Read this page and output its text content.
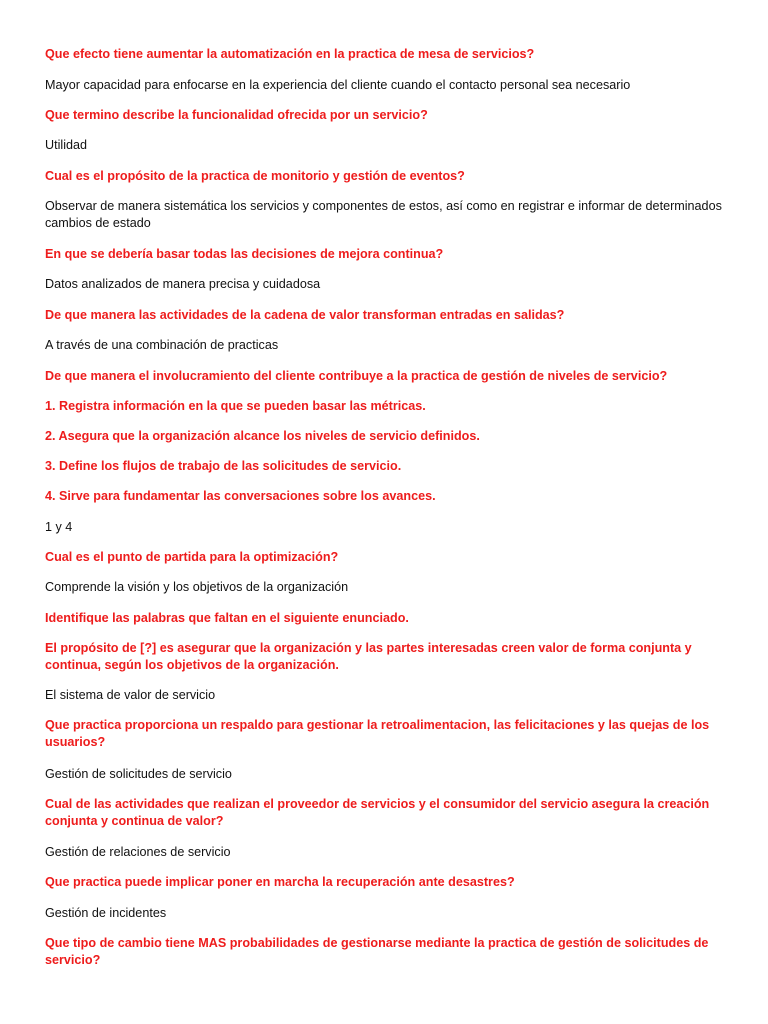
Que efecto tiene aumentar la automatización en la practica de mesa de servicios?

Mayor capacidad para enfocarse en la experiencia del cliente cuando el contacto personal sea necesario

Que termino describe la funcionalidad ofrecida por un servicio?

Utilidad

Cual es el propósito de la practica de monitorio y gestión de eventos?

Observar de manera sistemática los servicios y componentes de estos, así como en registrar e informar de determinados cambios de estado

En que se debería basar todas las decisiones de mejora continua?

Datos analizados de manera precisa y cuidadosa

De que manera las actividades de la cadena de valor transforman entradas en salidas?

A través de una combinación de practicas

De que manera el involucramiento del cliente contribuye a la practica de gestión de niveles de servicio?

1. Registra información en la que se pueden basar las métricas.

2. Asegura que la organización alcance los niveles de servicio definidos.

3. Define los flujos de trabajo de las solicitudes de servicio.

4. Sirve para fundamentar las conversaciones sobre los avances.

1 y 4

Cual es el punto de partida para la optimización?

Comprende la visión y los objetivos de la organización

Identifique las palabras que faltan en el siguiente enunciado.

El propósito de [?] es asegurar que la organización y las partes interesadas creen valor de forma conjunta y continua, según los objetivos de la organización.

El sistema de valor de servicio

Que practica proporciona un respaldo para gestionar la retroalimentacion, las felicitaciones y las quejas de los usuarios?

Gestión de solicitudes de servicio

Cual de las actividades que realizan el proveedor de servicios y el consumidor del servicio asegura la creación conjunta y continua de valor?

Gestión de relaciones de servicio

Que practica puede implicar poner en marcha la recuperación ante desastres?

Gestión de incidentes

Que tipo de cambio tiene MAS probabilidades de gestionarse mediante la practica de gestión de solicitudes de servicio?
